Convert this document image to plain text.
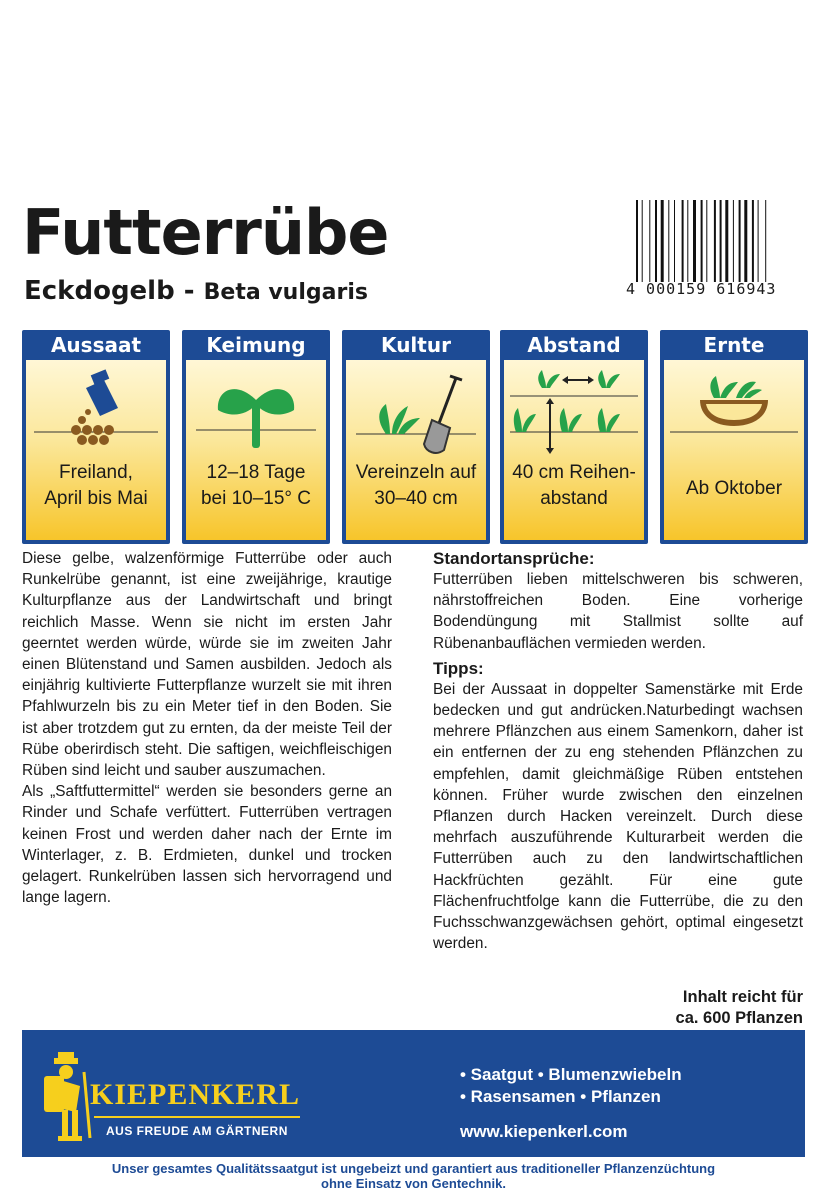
Futterrübe
Eckdogelb - Beta vulgaris	4 000159 616943
Aussaat
Freiland,
April bis Mai
Keimung
12–18 Tage
bei 10–15° C
Kultur
Vereinzeln auf
30–40 cm
Abstand
40 cm Reihen-
abstand
Ernte
Ab Oktober

Diese gelbe, walzenförmige Futterrübe oder auch Runkelrübe genannt, ist eine zweijährige, krautige Kulturpflanze aus der Landwirtschaft und bringt reichlich Masse. Wenn sie nicht im ersten Jahr geerntet werden würde, würde sie im zweiten Jahr einen Blütenstand und Samen ausbilden. Jedoch als einjährig kultivierte Futterpflanze wurzelt sie mit ihren Pfahlwurzeln bis zu ein Meter tief in den Boden. Sie ist aber trotzdem gut zu ernten, da der meiste Teil der Rübe oberirdisch steht. Die saftigen, weichfleischigen Rüben sind leicht und sauber auszumachen.

Als „Saftfuttermittel“ werden sie besonders gerne an Rinder und Schafe verfüttert. Futterrüben vertragen keinen Frost und werden daher nach der Ernte im Winterlager, z. B. Erdmieten, dunkel und trocken gelagert. Runkelrüben lassen sich hervorragend und lange lagern.

Standortansprüche:

Futterrüben lieben mittelschweren bis schweren, nährstoffreichen Boden. Eine vorherige Bodendüngung mit Stallmist sollte auf Rübenanbauflächen vermieden werden.

Tipps:

Bei der Aussaat in doppelter Samenstärke mit Erde bedecken und gut andrücken.Naturbedingt wachsen mehrere Pflänzchen aus einem Samenkorn, daher ist ein entfernen der zu eng stehenden Pflänzchen zu empfehlen, damit gleichmäßige Rüben entstehen können. Früher wurde zwischen den einzelnen Pflanzen durch Hacken vereinzelt. Durch diese mehrfach auszuführende Kulturarbeit werden die Futterrüben auch zu den landwirtschaftlichen Hackfrüchten gezählt. Für eine gute Flächenfruchtfolge kann die Futterrübe, die zu den Fuchsschwanzgewächsen gehört, optimal eingesetzt werden.

Inhalt reicht für
ca. 600 Pflanzen
KIEPENKERL
AUS FREUDE AM GÄRTNERN
• Saatgut • Blumenzwiebeln
• Rasensamen • Pflanzen
www.kiepenkerl.com
Unser gesamtes Qualitätssaatgut ist ungebeizt und garantiert aus traditioneller Pflanzenzüchtung
ohne Einsatz von Gentechnik.
